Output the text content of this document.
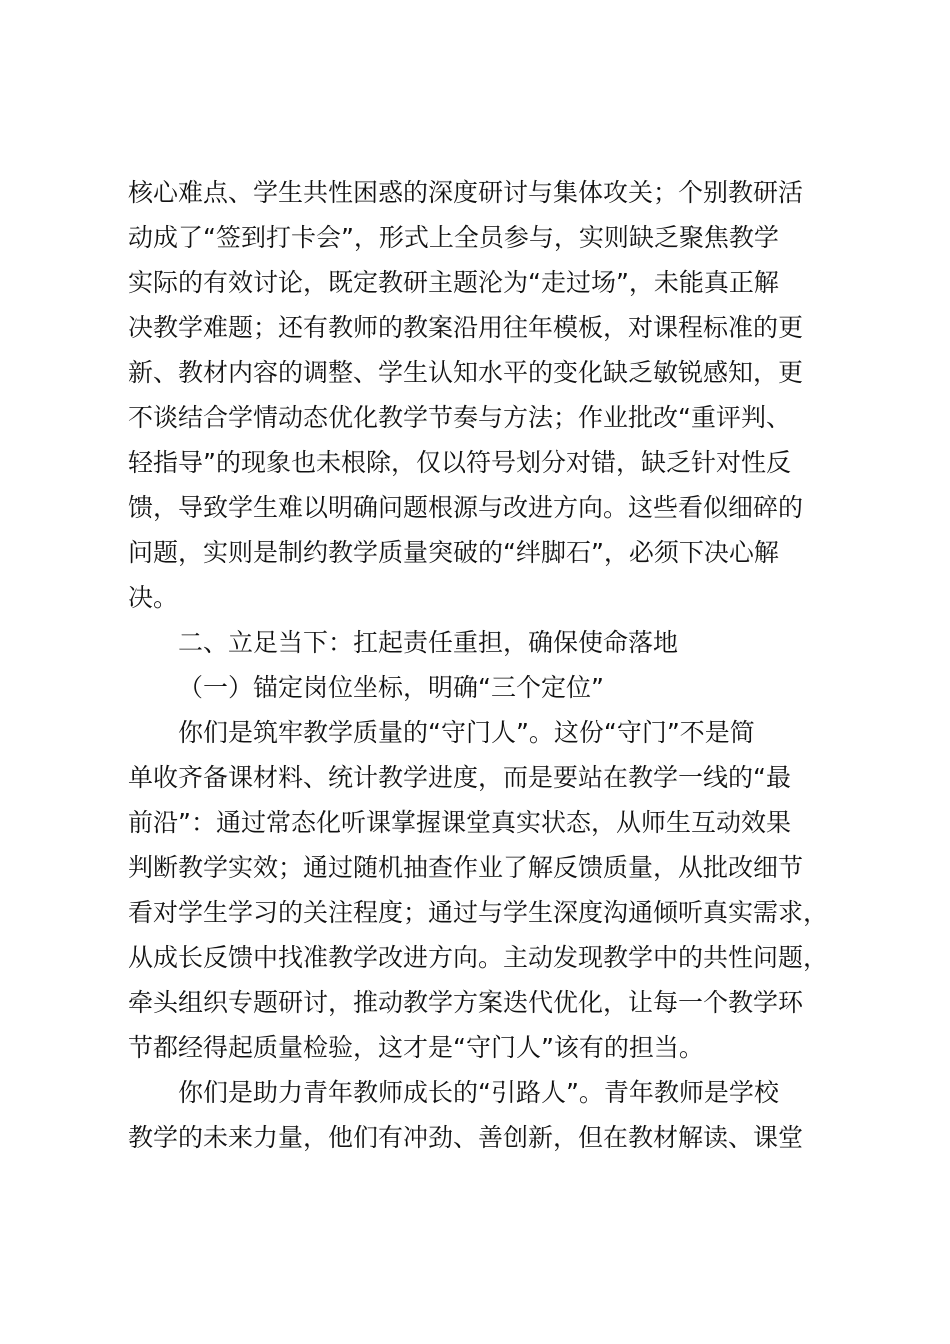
核心难点、学生共性困惑的深度研讨与集体攻关；个别教研活
动成了“签到打卡会”，形式上全员参与，实则缺乏聚焦教学
实际的有效讨论，既定教研主题沦为“走过场”，未能真正解
决教学难题；还有教师的教案沿用往年模板，对课程标准的更
新、教材内容的调整、学生认知水平的变化缺乏敏锐感知，更
不谈结合学情动态优化教学节奏与方法；作业批改“重评判、
轻指导”的现象也未根除，仅以符号划分对错，缺乏针对性反
馈，导致学生难以明确问题根源与改进方向。这些看似细碎的
问题，实则是制约教学质量突破的“绊脚石”，必须下决心解
决。
二、立足当下：扛起责任重担，确保使命落地
（一）锚定岗位坐标，明确“三个定位”
你们是筑牢教学质量的“守门人”。这份“守门”不是简
单收齐备课材料、统计教学进度，而是要站在教学一线的“最
前沿”：通过常态化听课掌握课堂真实状态，从师生互动效果
判断教学实效；通过随机抽查作业了解反馈质量，从批改细节
看对学生学习的关注程度；通过与学生深度沟通倾听真实需求，
从成长反馈中找准教学改进方向。主动发现教学中的共性问题，
牵头组织专题研讨，推动教学方案迭代优化，让每一个教学环
节都经得起质量检验，这才是“守门人”该有的担当。
你们是助力青年教师成长的“引路人”。青年教师是学校
教学的未来力量，他们有冲劲、善创新，但在教材解读、课堂
